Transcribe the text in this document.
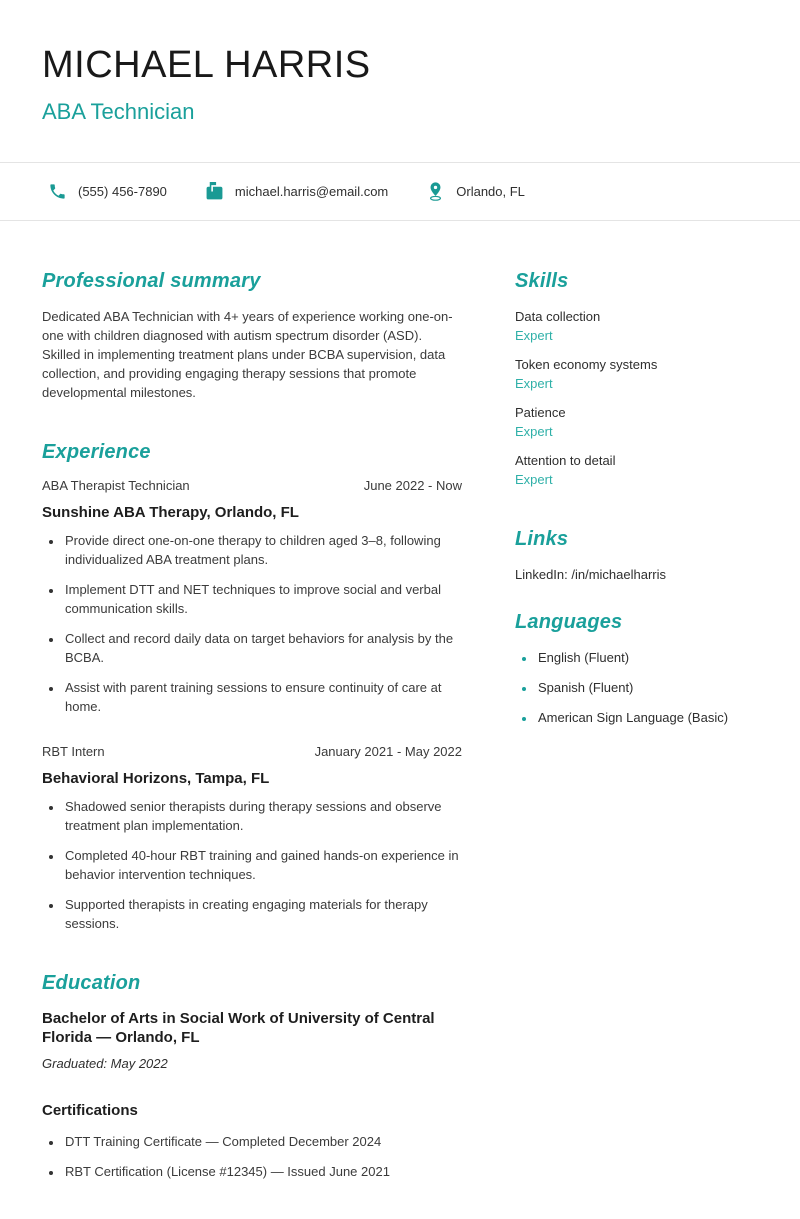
MICHAEL HARRIS
ABA Technician
(555) 456-7890	michael.harris@email.com	Orlando, FL
Professional summary

Dedicated ABA Technician with 4+ years of experience working one-on-one with children diagnosed with autism spectrum disorder (ASD). Skilled in implementing treatment plans under BCBA supervision, data collection, and providing engaging therapy sessions that promote developmental milestones.

Experience
ABA Therapist Technician	June 2022 - Now
Sunshine ABA Therapy, Orlando, FL
• Provide direct one-on-one therapy to children aged 3–8, following individualized ABA treatment plans.
• Implement DTT and NET techniques to improve social and verbal communication skills.
• Collect and record daily data on target behaviors for analysis by the BCBA.
• Assist with parent training sessions to ensure continuity of care at home.
RBT Intern	January 2021 - May 2022
Behavioral Horizons, Tampa, FL
• Shadowed senior therapists during therapy sessions and observe treatment plan implementation.
• Completed 40-hour RBT training and gained hands-on experience in behavior intervention techniques.
• Supported therapists in creating engaging materials for therapy sessions.
Education
Bachelor of Arts in Social Work of University of Central Florida — Orlando, FL

Graduated: May 2022

Certifications
• DTT Training Certificate — Completed December 2024
• RBT Certification (License #12345) — Issued June 2021
Skills
Data collection
Expert
Token economy systems
Expert
Patience
Expert
Attention to detail
Expert
Links

LinkedIn: /in/michaelharris

Languages
• English (Fluent)
• Spanish (Fluent)
• American Sign Language (Basic)
